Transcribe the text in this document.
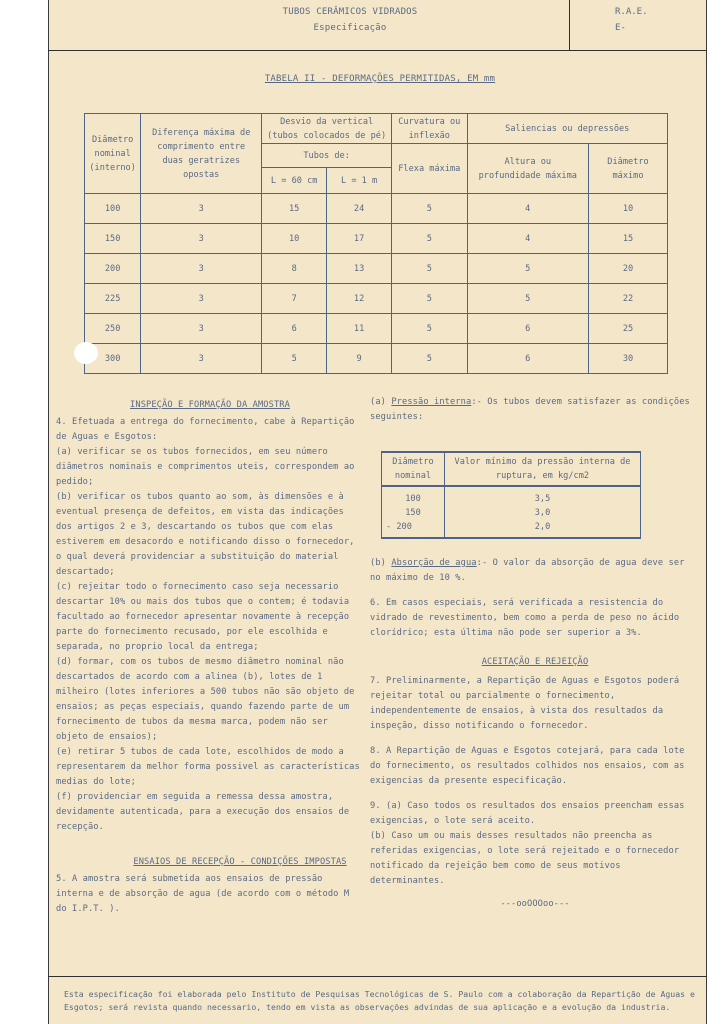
TUBOS CERÂMICOS VIDRADOS
Especificação
R.A.E.
E-
TABELA II - DEFORMAÇÕES PERMITIDAS, EM mm
Diâmetro nominal (interno)	Diferença máxima de comprimento entre duas geratrizes opostas	Desvio da vertical (tubos colocados de pé)		Curvatura ou inflexão	Saliencias ou depressões	
		Tubos de:		Flexa máxima	Altura ou profundidade máxima	Diâmetro máximo
		L = 60 cm	L = 1 m			
100	3	15	24	5	4	10
150	3	10	17	5	4	15
200	3	8	13	5	5	20
225	3	7	12	5	5	22
250	3	6	11	5	6	25
300	3	5	9	5	6	30
INSPEÇÃO E FORMAÇÃO DA AMOSTRA

4. Efetuada a entrega do fornecimento, cabe à Repartição de Aguas e Esgotos:

(a) verificar se os tubos fornecidos, em seu número diâmetros nominais e comprimentos uteis, correspondem ao pedido;

(b) verificar os tubos quanto ao som, às dimensões e à eventual presença de defeitos, em vista das indicações dos artigos 2 e 3, descartando os tubos que com elas estiverem em desacordo e notificando disso o fornecedor, o qual deverá providenciar a substituição do material descartado;

(c) rejeitar todo o fornecimento caso seja necessario descartar 10% ou mais dos tubos que o contem; é todavia facultado ao fornecedor apresentar novamente à recepção parte do fornecimento recusado, por ele escolhida e separada, no proprio local da entrega;

(d) formar, com os tubos de mesmo diâmetro nominal não descartados de acordo com a alinea (b), lotes de 1 milheiro (lotes inferiores a 500 tubos não são objeto de ensaios; as peças especiais, quando fazendo parte de um fornecimento de tubos da mesma marca, podem não ser objeto de ensaios);

(e) retirar 5 tubos de cada lote, escolhidos de modo a representarem da melhor forma possivel as características medias do lote;

(f) providenciar em seguida a remessa dessa amostra, devidamente autenticada, para a execução dos ensaios de recepção.

ENSAIOS DE RECEPÇÃO - CONDIÇÕES IMPOSTAS

5. A amostra será submetida aos ensaios de pressão interna e de absorção de agua (de acordo com o método M do I.P.T. ).

(a) Pressão interna:- Os tubos devem satisfazer as condições seguintes:

Diâmetro nominal	Valor mínimo da pressão interna de ruptura, em kg/cm2
100	3,5
150	3,0
- 200	2,0

(b) Absorção de agua:- O valor da absorção de agua deve ser no máximo de 10 %.

6. Em casos especiais, será verificada a resistencia do vidrado de revestimento, bem como a perda de peso no ácido clorídrico; esta última não pode ser superior a 3%.

ACEITAÇÃO E REJEIÇÃO

7. Preliminarmente, a Repartição de Aguas e Esgotos poderá rejeitar total ou parcialmente o fornecimento, independentemente de ensaios, à vista dos resultados da inspeção, disso notificando o fornecedor.

8. A Repartição de Aguas e Esgotos cotejará, para cada lote do fornecimento, os resultados colhidos nos ensaios, com as exigencias da presente especificação.

9. (a) Caso todos os resultados dos ensaios preencham essas exigencias, o lote será aceito.

(b) Caso um ou mais desses resultados não preencha as referidas exigencias, o lote será rejeitado e o fornecedor notificado da rejeição bem como de seus motivos determinantes.

---ooOOOoo---

Esta especificação foi elaborada pelo Instituto de Pesquisas Tecnológicas de S. Paulo com a colaboração da Repartição de Aguas e Esgotos; será revista quando necessario, tendo em vista as observações advindas de sua aplicação e a evolução da industria.
